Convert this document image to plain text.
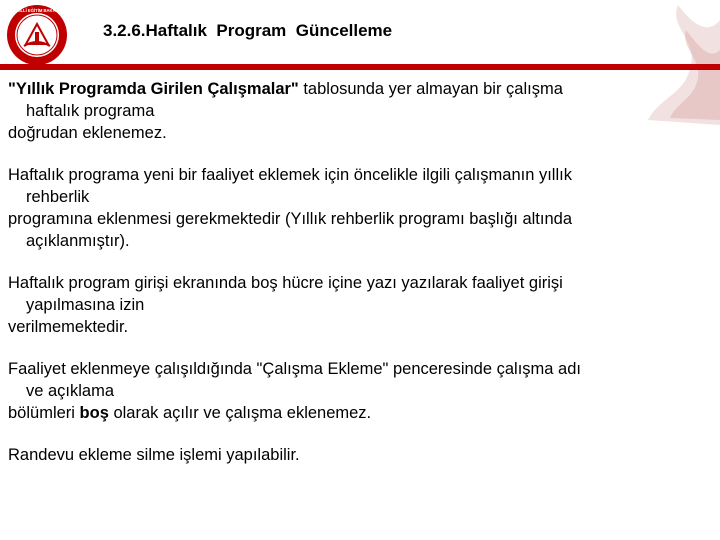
T.C. MİLLÎ EĞİTİM BAKANLIĞI
3.2.6.Haftalık  Program  Güncelleme
"Yıllık Programda Girilen Çalışmalar" tablosunda yer almayan bir çalışma
haftalık programa
doğrudan eklenemez.
Haftalık programa yeni bir faaliyet eklemek için öncelikle ilgili çalışmanın yıllık
rehberlik
programına eklenmesi gerekmektedir (Yıllık rehberlik programı başlığı altında
açıklanmıştır).
Haftalık program girişi ekranında boş hücre içine yazı yazılarak faaliyet girişi
yapılmasına izin
verilmemektedir.
Faaliyet eklenmeye çalışıldığında "Çalışma Ekleme" penceresinde çalışma adı
ve açıklama
bölümleri boş olarak açılır ve çalışma eklenemez.
Randevu ekleme silme işlemi yapılabilir.
